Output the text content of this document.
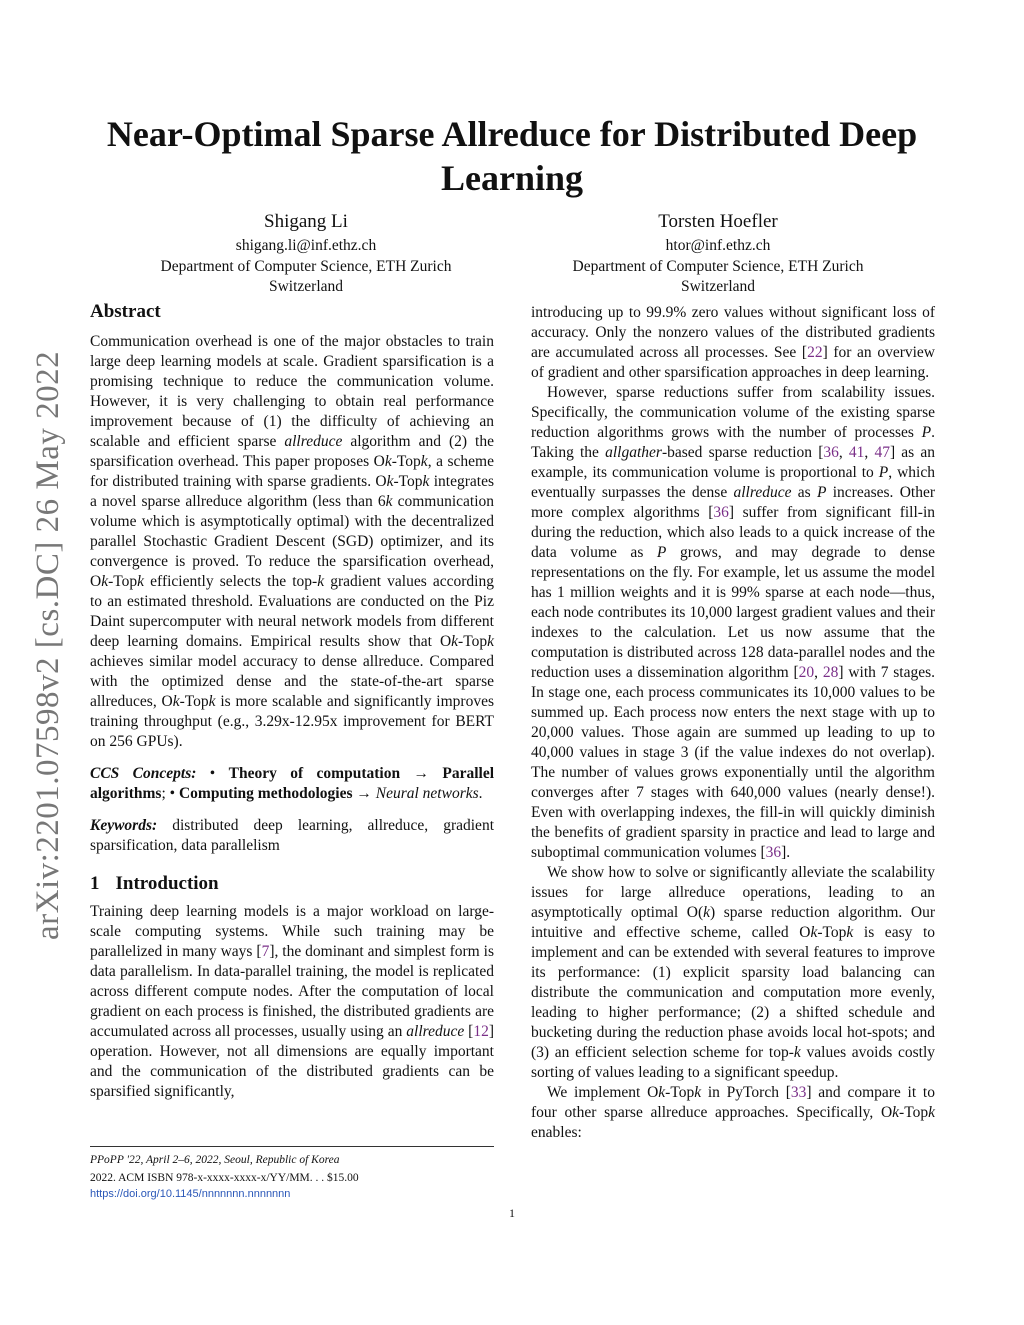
arXiv:2201.07598v2 [cs.DC] 26 May 2022
Near-Optimal Sparse Allreduce for Distributed Deep Learning
Shigang Li
shigang.li@inf.ethz.ch
Department of Computer Science, ETH Zurich
Switzerland
Torsten Hoefler
htor@inf.ethz.ch
Department of Computer Science, ETH Zurich
Switzerland
Abstract

Communication overhead is one of the major obstacles to train large deep learning models at scale. Gradient sparsification is a promising technique to reduce the communication volume. However, it is very challenging to obtain real performance improvement because of (1) the difficulty of achieving an scalable and efficient sparse allreduce algorithm and (2) the sparsification overhead. This paper proposes Ok-Topk, a scheme for distributed training with sparse gradients. Ok-Topk integrates a novel sparse allreduce algorithm (less than 6k communication volume which is asymptotically optimal) with the decentralized parallel Stochastic Gradient Descent (SGD) optimizer, and its convergence is proved. To reduce the sparsification overhead, Ok-Topk efficiently selects the top-k gradient values according to an estimated threshold. Evaluations are conducted on the Piz Daint supercomputer with neural network models from different deep learning domains. Empirical results show that Ok-Topk achieves similar model accuracy to dense allreduce. Compared with the optimized dense and the state-of-the-art sparse allreduces, Ok-Topk is more scalable and significantly improves training throughput (e.g., 3.29x-12.95x improvement for BERT on 256 GPUs).

CCS Concepts: • Theory of computation → Parallel algorithms; • Computing methodologies → Neural networks.

Keywords: distributed deep learning, allreduce, gradient sparsification, data parallelism

1 Introduction

Training deep learning models is a major workload on large-scale computing systems. While such training may be parallelized in many ways [7], the dominant and simplest form is data parallelism. In data-parallel training, the model is replicated across different compute nodes. After the computation of local gradient on each process is finished, the distributed gradients are accumulated across all processes, usually using an allreduce [12] operation. However, not all dimensions are equally important and the communication of the distributed gradients can be sparsified significantly,

introducing up to 99.9% zero values without significant loss of accuracy. Only the nonzero values of the distributed gradients are accumulated across all processes. See [22] for an overview of gradient and other sparsification approaches in deep learning.

However, sparse reductions suffer from scalability issues. Specifically, the communication volume of the existing sparse reduction algorithms grows with the number of processes P. Taking the allgather-based sparse reduction [36, 41, 47] as an example, its communication volume is proportional to P, which eventually surpasses the dense allreduce as P increases. Other more complex algorithms [36] suffer from significant fill-in during the reduction, which also leads to a quick increase of the data volume as P grows, and may degrade to dense representations on the fly. For example, let us assume the model has 1 million weights and it is 99% sparse at each node—thus, each node contributes its 10,000 largest gradient values and their indexes to the calculation. Let us now assume that the computation is distributed across 128 data-parallel nodes and the reduction uses a dissemination algorithm [20, 28] with 7 stages. In stage one, each process communicates its 10,000 values to be summed up. Each process now enters the next stage with up to 20,000 values. Those again are summed up leading to up to 40,000 values in stage 3 (if the value indexes do not overlap). The number of values grows exponentially until the algorithm converges after 7 stages with 640,000 values (nearly dense!). Even with overlapping indexes, the fill-in will quickly diminish the benefits of gradient sparsity in practice and lead to large and suboptimal communication volumes [36].

We show how to solve or significantly alleviate the scalability issues for large allreduce operations, leading to an asymptotically optimal O(k) sparse reduction algorithm. Our intuitive and effective scheme, called Ok-Topk is easy to implement and can be extended with several features to improve its performance: (1) explicit sparsity load balancing can distribute the communication and computation more evenly, leading to higher performance; (2) a shifted schedule and bucketing during the reduction phase avoids local hot-spots; and (3) an efficient selection scheme for top-k values avoids costly sorting of values leading to a significant speedup.

We implement Ok-Topk in PyTorch [33] and compare it to four other sparse allreduce approaches. Specifically, Ok-Topk enables:

PPoPP '22, April 2–6, 2022, Seoul, Republic of Korea
2022. ACM ISBN 978-x-xxxx-xxxx-x/YY/MM. . . $15.00
https://doi.org/10.1145/nnnnnnn.nnnnnnn
1
